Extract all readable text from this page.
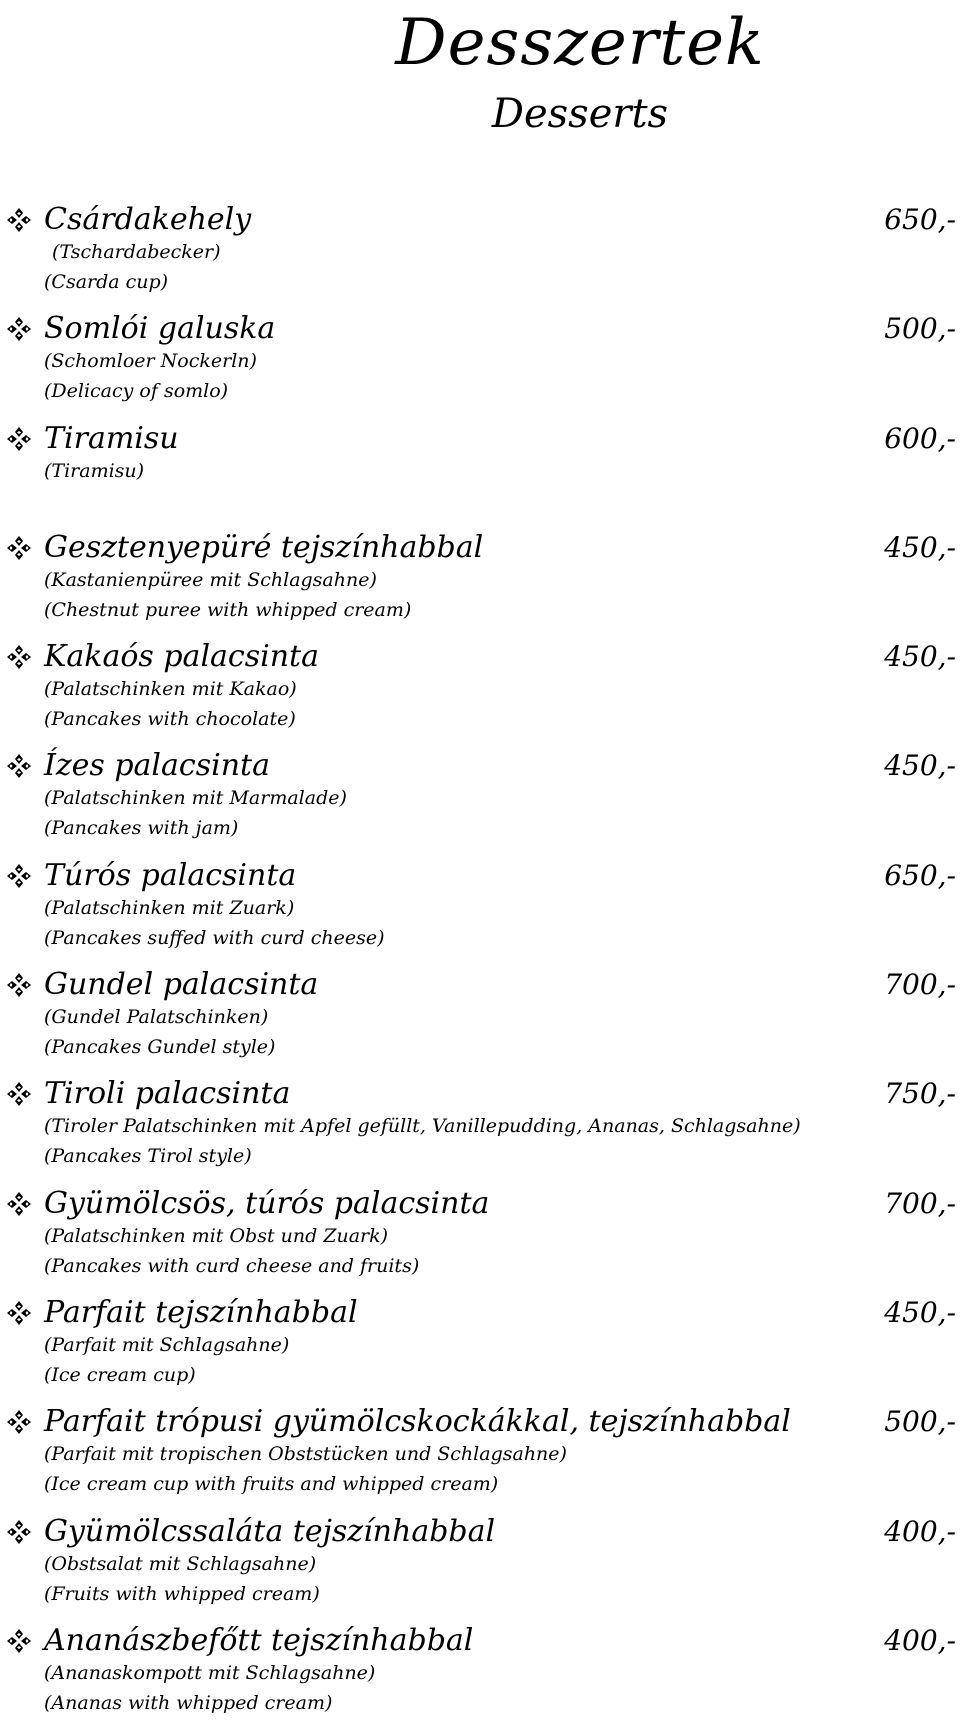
Desszertek
Desserts
Csárdakehely	650,-
(Tschardabecker)
(Csarda cup)
Somlói galuska	500,-
(Schomloer Nockerln)
(Delicacy of somlo)
Tiramisu	600,-
(Tiramisu)
Gesztenyepüré tejszínhabbal	450,-
(Kastanienpüree mit Schlagsahne)
(Chestnut puree with whipped cream)
Kakaós palacsinta	450,-
(Palatschinken mit Kakao)
(Pancakes with chocolate)
Ízes palacsinta	450,-
(Palatschinken mit Marmalade)
(Pancakes with jam)
Túrós palacsinta	650,-
(Palatschinken mit Zuark)
(Pancakes suffed with curd cheese)
Gundel palacsinta	700,-
(Gundel Palatschinken)
(Pancakes Gundel style)
Tiroli palacsinta	750,-
(Tiroler Palatschinken mit Apfel gefüllt, Vanillepudding, Ananas, Schlagsahne)
(Pancakes Tirol style)
Gyümölcsös, túrós palacsinta	700,-
(Palatschinken mit Obst und Zuark)
(Pancakes with curd cheese and fruits)
Parfait tejszínhabbal	450,-
(Parfait mit Schlagsahne)
(Ice cream cup)
Parfait trópusi gyümölcskockákkal, tejszínhabbal	500,-
(Parfait mit tropischen Obststücken und Schlagsahne)
(Ice cream cup with fruits and whipped cream)
Gyümölcssaláta tejszínhabbal	400,-
(Obstsalat mit Schlagsahne)
(Fruits with whipped cream)
Ananászbefőtt tejszínhabbal	400,-
(Ananaskompott mit Schlagsahne)
(Ananas with whipped cream)
